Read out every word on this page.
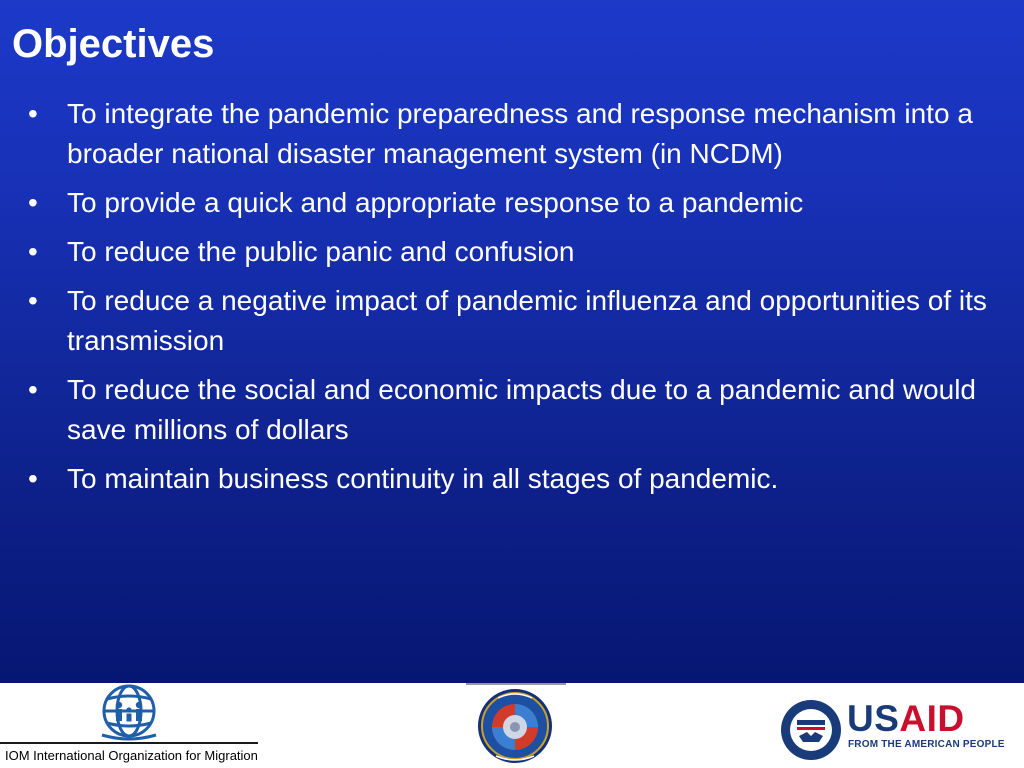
Objectives
•	To integrate the pandemic preparedness and response mechanism into a broader national disaster management system (in NCDM)
•	To provide a quick and appropriate response to a pandemic
•	To reduce the public panic and confusion
•	To reduce a negative impact of pandemic influenza and opportunities of its transmission
•	To reduce the social and economic impacts due to a pandemic and would save millions of dollars
•	To maintain business continuity in all stages of pandemic.
IOM International Organization for Migration
USAID
FROM THE AMERICAN PEOPLE
